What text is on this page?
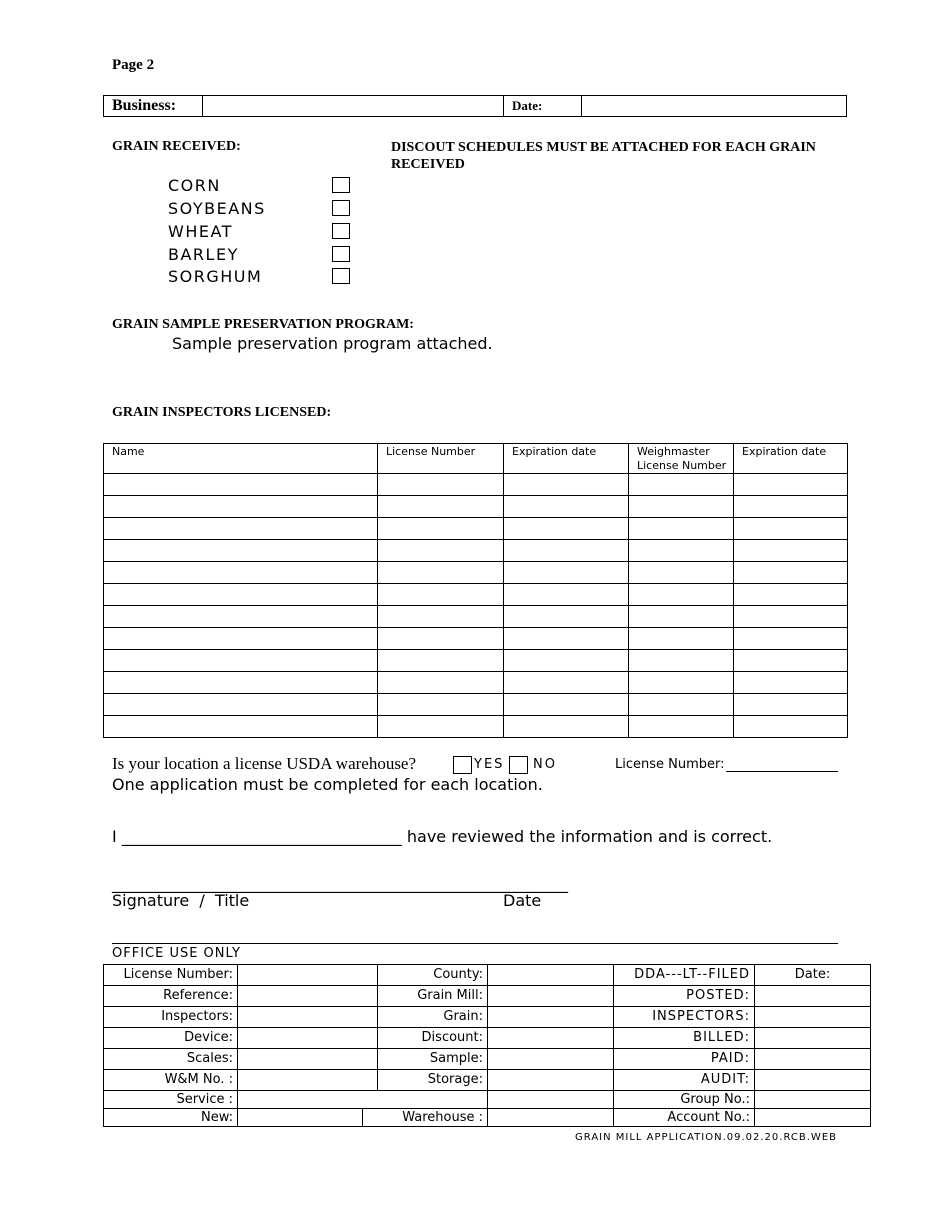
Page 2
Business:	Date:
GRAIN RECEIVED:	DISCOUT SCHEDULES MUST BE ATTACHED FOR EACH GRAIN RECEIVED
CORN
SOYBEANS
WHEAT
BARLEY
SORGHUM
GRAIN SAMPLE PRESERVATION PROGRAM:
Sample preservation program attached.
GRAIN INSPECTORS LICENSED:
Name	License Number	Expiration date	Weighmaster License Number	Expiration date

Is your location a license USDA warehouse?	YES NO	License Number:
One application must be completed for each location.
I ___________________________________ have reviewed the information and is correct.
_________________________________________________________
Signature  /  Title	Date
OFFICE USE ONLY
License Number:			County:		DDA---LT--FILED	Date:
Reference:			Grain Mill:		POSTED:	
Inspectors:			Grain:		INSPECTORS:	
Device:			Discount:		BILLED:	
Scales:			Sample:		PAID:	
W&M No. :			Storage:		AUDIT:	
Service :					Group No.:	
New:		Warehouse :			Account No.:	
GRAIN MILL APPLICATION.09.02.20.RCB.WEB
